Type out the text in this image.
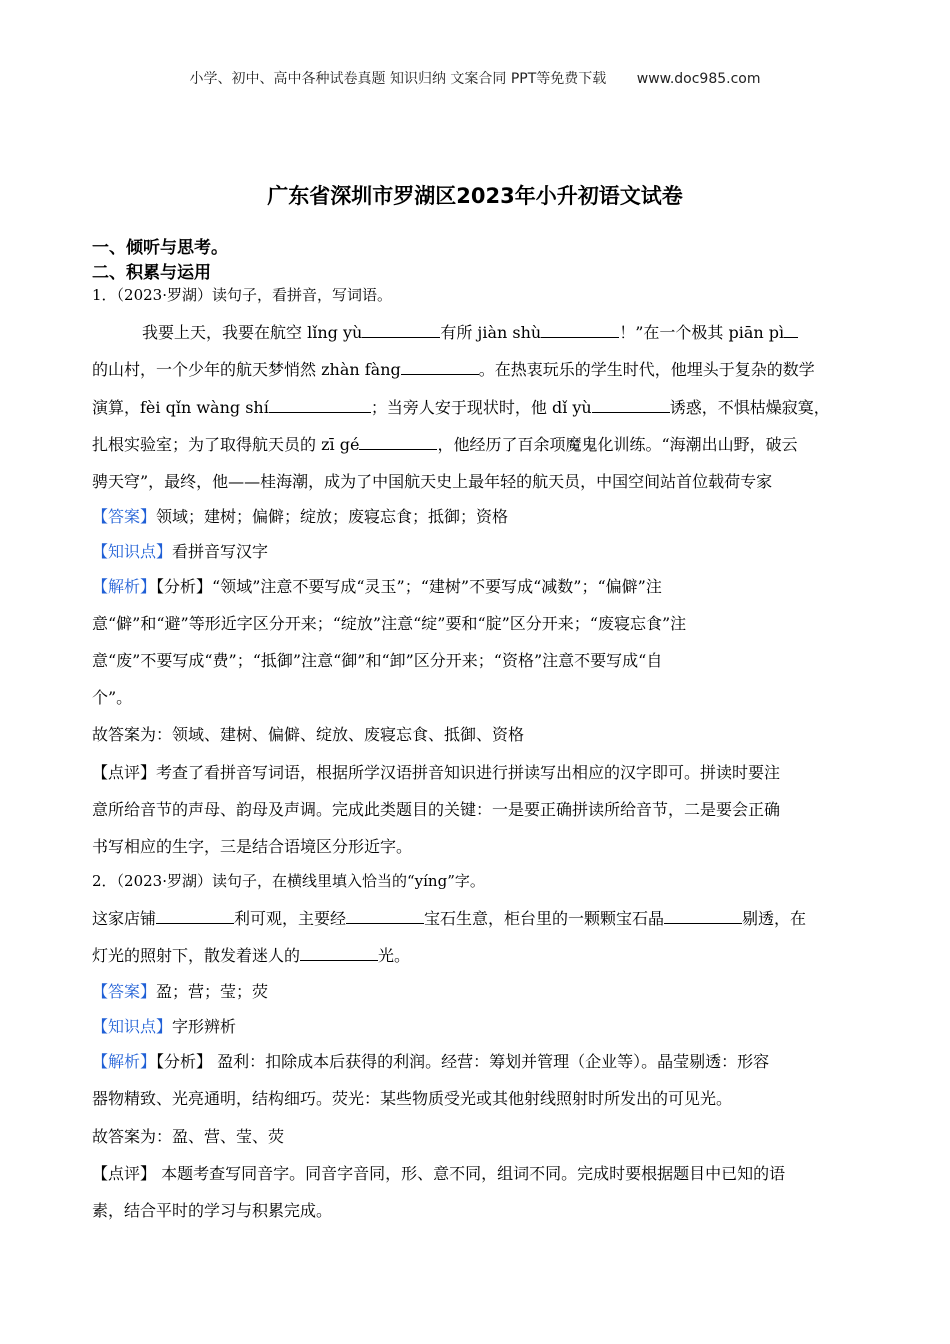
小学、初中、高中各种试卷真题 知识归纳 文案合同 PPT等免费下载 www.doc985.com
广东省深圳市罗湖区2023年小升初语文试卷
一、倾听与思考。
二、积累与运用
1．（2023·罗湖）读句子，看拼音，写词语。
我要上天，我要在航空 lǐng yù	有所 jiàn shù	！”在一个极其 piān pì
的山村，一个少年的航天梦悄然 zhàn fàng	。在热衷玩乐的学生时代，他埋头于复杂的数学
演算，fèi qǐn wàng shí	；当旁人安于现状时，他 dǐ yù	诱惑，不惧枯燥寂寞，
扎根实验室；为了取得航天员的 zī gé	，他经历了百余项魔鬼化训练。“海潮出山野，破云
骋天穹”，最终，他——桂海潮，成为了中国航天史上最年轻的航天员，中国空间站首位载荷专家
【答案】领域；建树；偏僻；绽放；废寝忘食；抵御；资格
【知识点】看拼音写汉字
【解析】【分析】“领域”注意不要写成“灵玉”；“建树”不要写成“减数”；“偏僻”注
意“僻”和“避”等形近字区分开来；“绽放”注意“绽”要和“腚”区分开来；“废寝忘食”注
意“废”不要写成“费”；“抵御”注意“御”和“卸”区分开来；“资格”注意不要写成“自
个”。
故答案为：领域、建树、偏僻、绽放、废寝忘食、抵御、资格
【点评】考查了看拼音写词语，根据所学汉语拼音知识进行拼读写出相应的汉字即可。拼读时要注
意所给音节的声母、韵母及声调。完成此类题目的关键：一是要正确拼读所给音节，二是要会正确
书写相应的生字，三是结合语境区分形近字。
2．（2023·罗湖）读句子，在横线里填入恰当的“yíng”字。
这家店铺	利可观，主要经	宝石生意，柜台里的一颗颗宝石晶	剔透，在
灯光的照射下，散发着迷人的	光。
【答案】盈；营；莹；荧
【知识点】字形辨析
【解析】【分析】 盈利：扣除成本后获得的利润。经营：筹划并管理（企业等）。晶莹剔透：形容
器物精致、光亮通明，结构细巧。荧光：某些物质受光或其他射线照射时所发出的可见光。
故答案为：盈、营、莹、荧
【点评】 本题考查写同音字。同音字音同，形、意不同，组词不同。完成时要根据题目中已知的语
素，结合平时的学习与积累完成。
